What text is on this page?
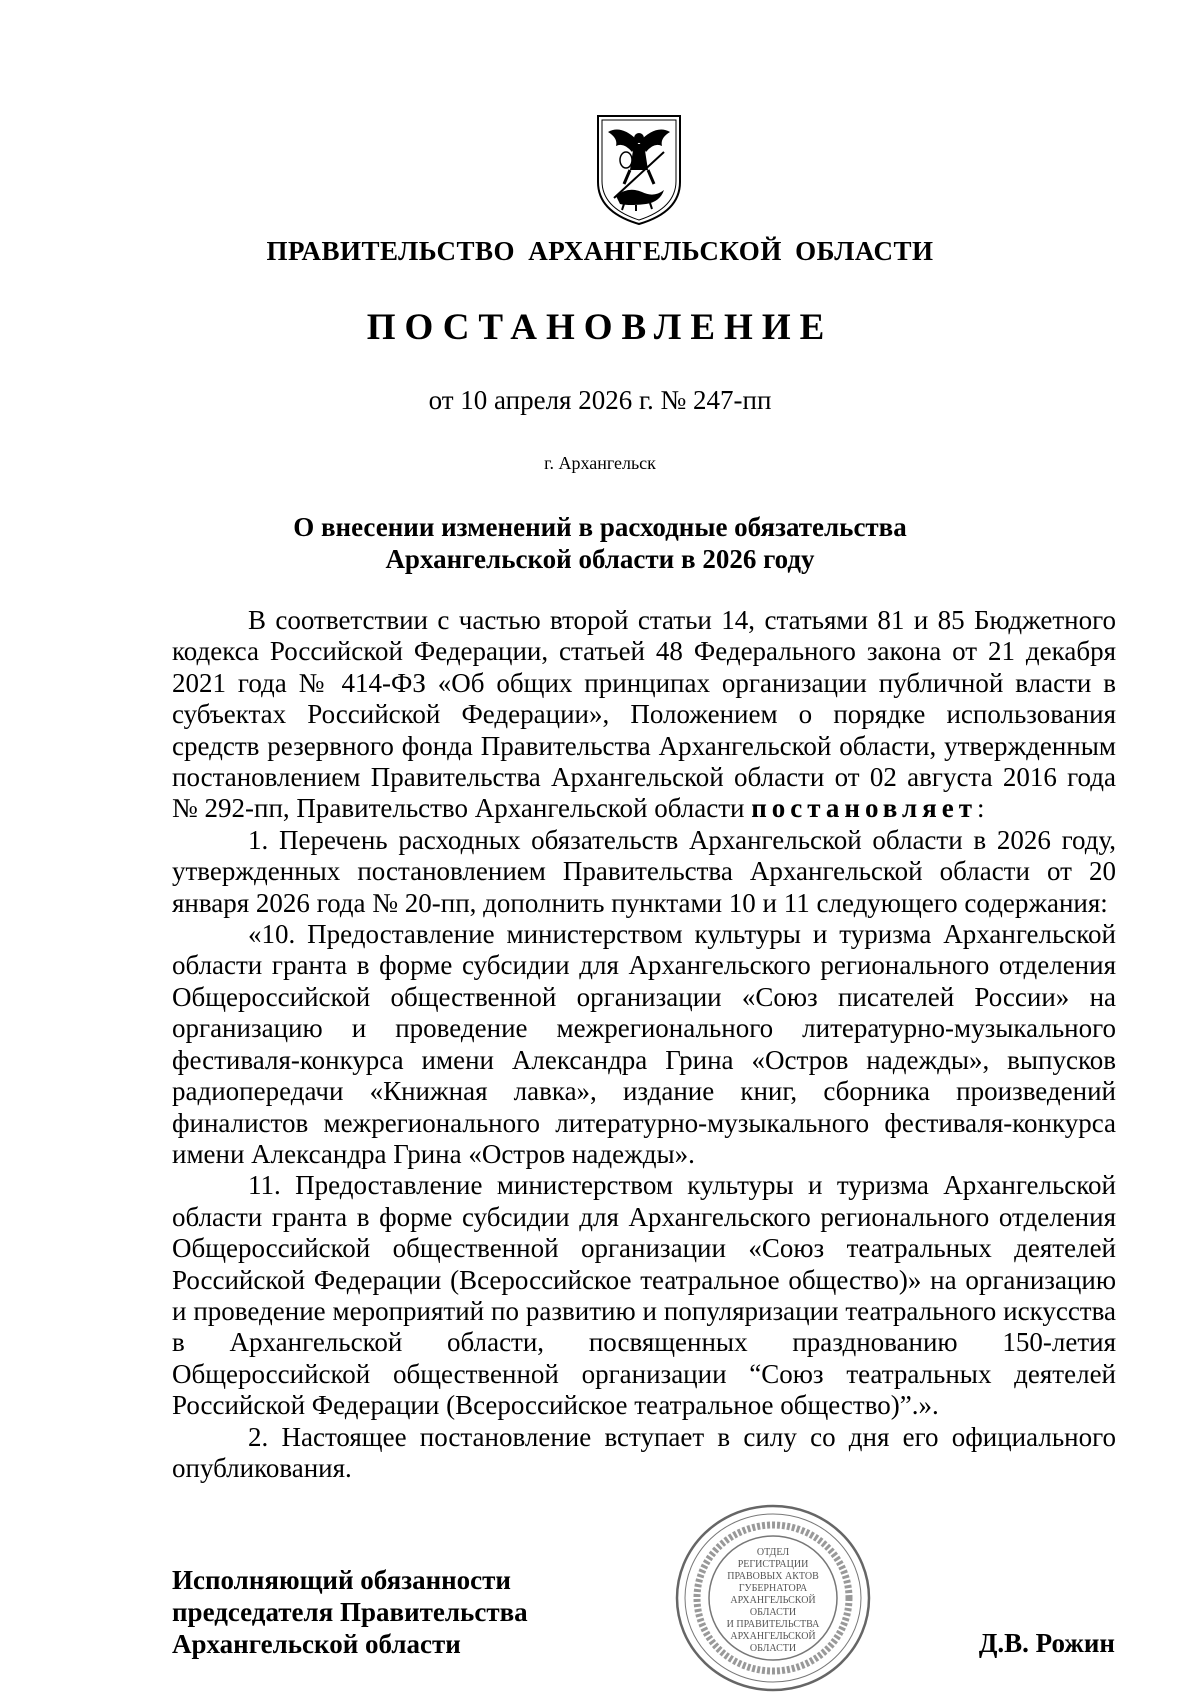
ПРАВИТЕЛЬСТВО АРХАНГЕЛЬСКОЙ ОБЛАСТИ
ПОСТАНОВЛЕНИЕ
от 10 апреля 2026 г. № 247-пп
г. Архангельск
О внесении изменений в расходные обязательства
Архангельской области в 2026 году

В соответствии с частью второй статьи 14, статьями 81 и 85 Бюджетного кодекса Российской Федерации, статьей 48 Федерального закона от 21 декабря 2021 года № 414-ФЗ «Об общих принципах организации публичной власти в субъектах Российской Федерации», Положением о порядке использования средств резервного фонда Правительства Архангельской области, утвержденным постановлением Правительства Архангельской области от 02 августа 2016 года № 292-пп, Правительство Архангельской области постановляет:

1. Перечень расходных обязательств Архангельской области в 2026 году, утвержденных постановлением Правительства Архангельской области от 20 января 2026 года № 20-пп, дополнить пунктами 10 и 11 следующего содержания:

«10. Предоставление министерством культуры и туризма Архангельской области гранта в форме субсидии для Архангельского регионального отделения Общероссийской общественной организации «Союз писателей России» на организацию и проведение межрегионального литературно-музыкального фестиваля-конкурса имени Александра Грина «Остров надежды», выпусков радиопередачи «Книжная лавка», издание книг, сборника произведений финалистов межрегионального литературно-музыкального фестиваля-конкурса имени Александра Грина «Остров надежды».

11. Предоставление министерством культуры и туризма Архангельской области гранта в форме субсидии для Архангельского регионального отделения Общероссийской общественной организации «Союз театральных деятелей Российской Федерации (Всероссийское театральное общество)» на организацию и проведение мероприятий по развитию и популяризации театрального искусства в Архангельской области, посвященных празднованию 150-летия Общероссийской общественной организации “Союз театральных деятелей Российской Федерации (Всероссийское театральное общество)”.».

2. Настоящее постановление вступает в силу со дня его официального опубликования.

ОТДЕЛ
РЕГИСТРАЦИИ
ПРАВОВЫХ АКТОВ
ГУБЕРНАТОРА
АРХАНГЕЛЬСКОЙ
ОБЛАСТИ
И ПРАВИТЕЛЬСТВА
АРХАНГЕЛЬСКОЙ
ОБЛАСТИ
Исполняющий обязанности
председателя Правительства
Архангельской области	Д.В. Рожин
